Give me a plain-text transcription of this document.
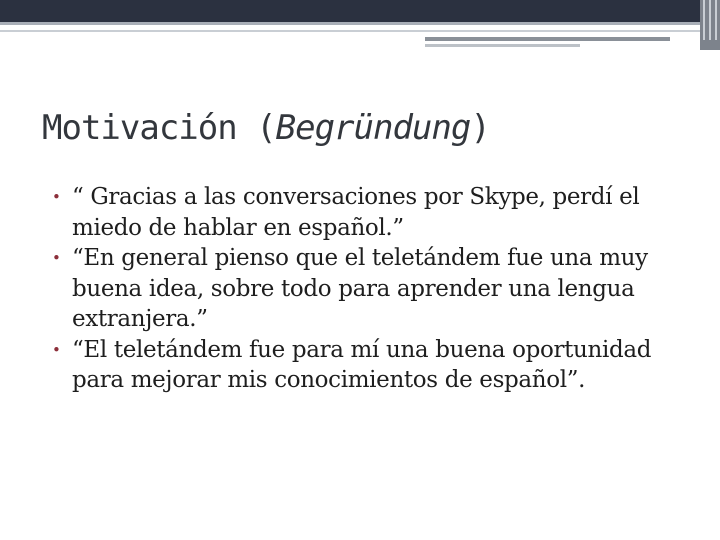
Motivación (Begründung)
• “ Gracias a las conversaciones por Skype, perdí el miedo de hablar en español.”
• “En general pienso que el teletándem fue una muy buena idea, sobre todo para aprender una lengua extranjera.”
• “El teletándem fue para mí una buena oportunidad para mejorar mis conocimientos de español”.
